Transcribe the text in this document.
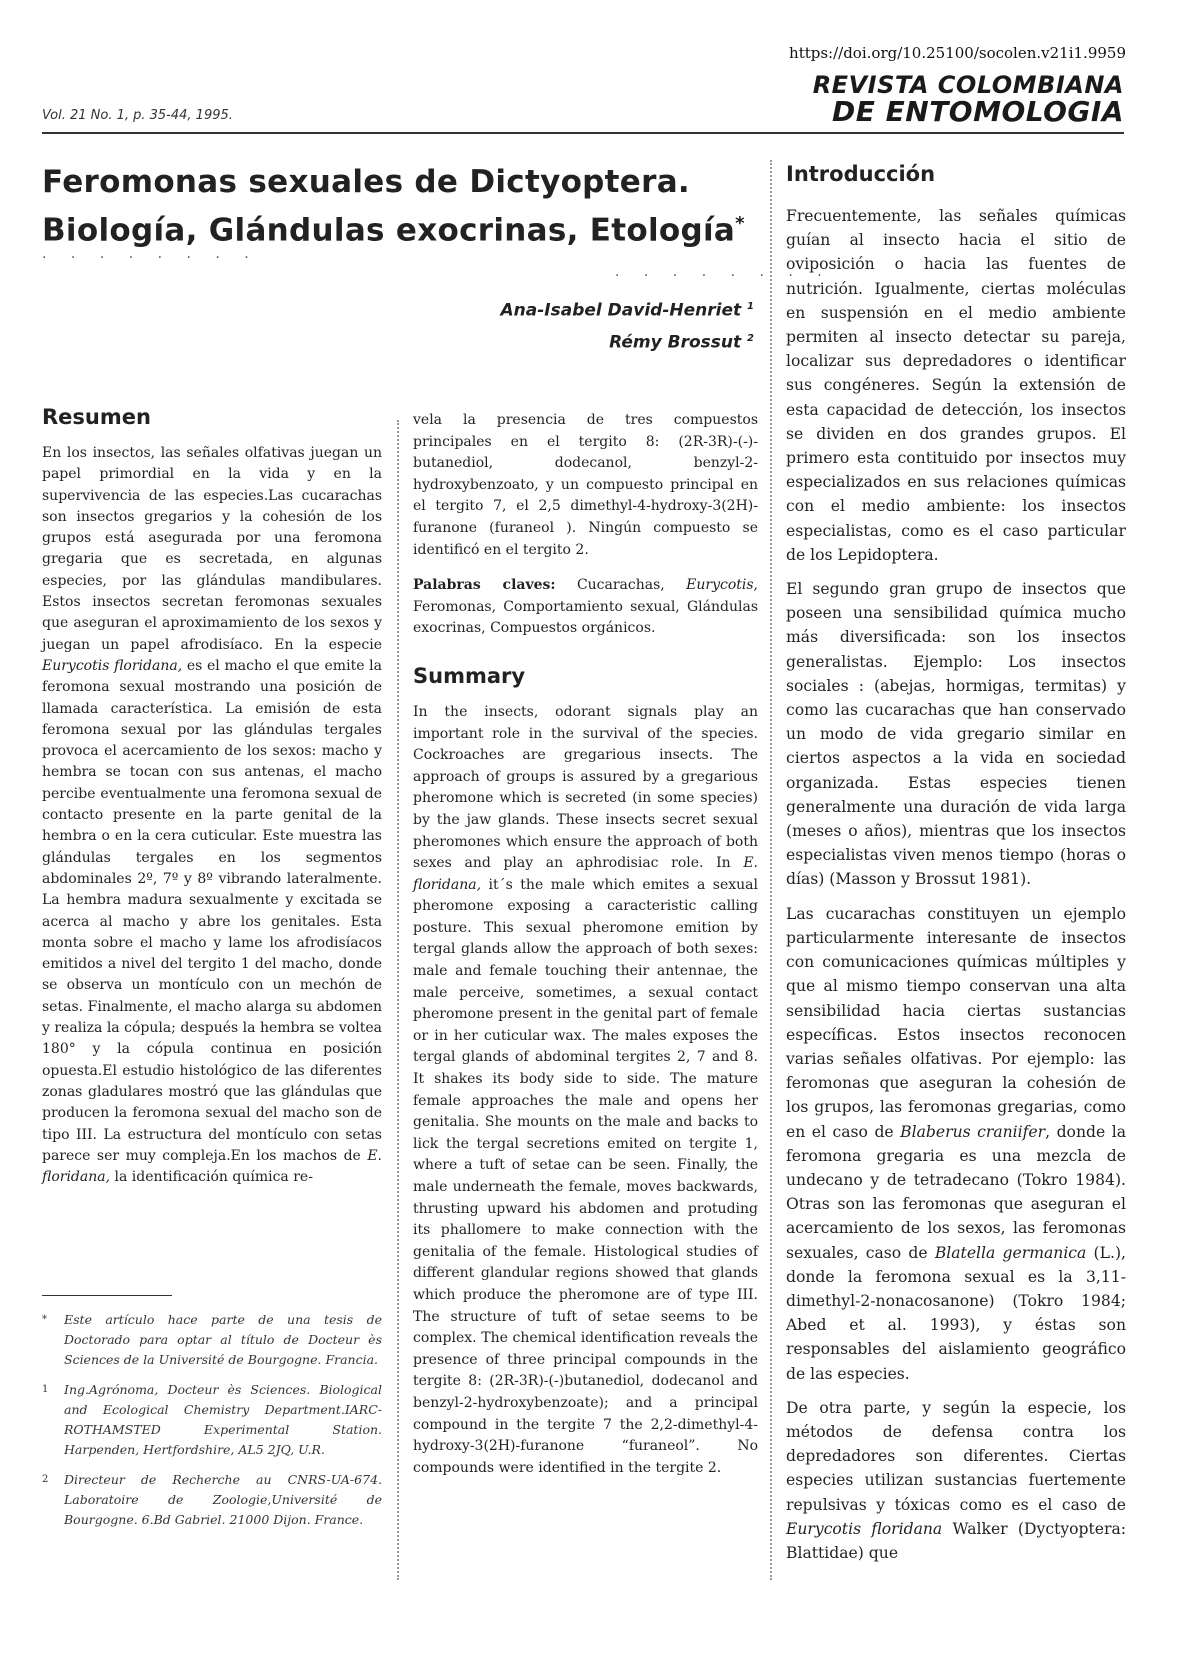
https://doi.org/10.25100/socolen.v21i1.9959
REVISTA COLOMBIANA
DE ENTOMOLOGIA
Vol. 21 No. 1, p. 35-44, 1995.
Feromonas sexuales de Dictyoptera.
Biología, Glándulas exocrinas, Etología*
· · · · · · · ·
· · · · · · · ·
Ana-Isabel David-Henriet $^1$
Rémy Brossut $^2$
Resumen

En los insectos, las señales olfativas juegan un papel primordial en la vida y en la supervivencia de las especies.Las cucarachas son insectos gregarios y la cohesión de los grupos está asegurada por una feromona gregaria que es secretada, en algunas especies, por las glándulas mandibulares. Estos insectos secretan feromonas sexuales que aseguran el aproximamiento de los sexos y juegan un papel afrodisíaco. En la especie Eurycotis floridana, es el macho el que emite la feromona sexual mostrando una posición de llamada característica. La emisión de esta feromona sexual por las glándulas tergales provoca el acercamiento de los sexos: macho y hembra se tocan con sus antenas, el macho percibe eventualmente una feromona sexual de contacto presente en la parte genital de la hembra o en la cera cuticular. Este muestra las glándulas tergales en los segmentos abdominales 2º, 7º y 8º vibrando lateralmente. La hembra madura sexualmente y excitada se acerca al macho y abre los genitales. Esta monta sobre el macho y lame los afrodisíacos emitidos a nivel del tergito 1 del macho, donde se observa un montículo con un mechón de setas. Finalmente, el macho alarga su abdomen y realiza la cópula; después la hembra se voltea 180° y la cópula continua en posición opuesta.El estudio histológico de las diferentes zonas gladulares mostró que las glándulas que producen la feromona sexual del macho son de tipo III. La estructura del montículo con setas parece ser muy compleja.En los machos de E. floridana, la identificación química re-

* Este artículo hace parte de una tesis de Doctorado para optar al título de Docteur ès Sciences de la Université de Bourgogne. Francia.
1 Ing.Agrónoma, Docteur ès Sciences. Biological and Ecological Chemistry Department.IARC-ROTHAMSTED Experimental Station. Harpenden, Hertfordshire, AL5 2JQ, U.R.
2 Directeur de Recherche au CNRS-UA-674. Laboratoire de Zoologie,Université de Bourgogne. 6.Bd Gabriel. 21000 Dijon. France.

vela la presencia de tres compuestos principales en el tergito 8: (2R-3R)-(-)-butanediol, dodecanol, benzyl-2-hydroxybenzoato, y un compuesto principal en el tergito 7, el 2,5 dimethyl-4-hydroxy-3(2H)-furanone (furaneol ). Ningún compuesto se identificó en el tergito 2.

Palabras claves: Cucarachas, Eurycotis, Feromonas, Comportamiento sexual, Glándulas exocrinas, Compuestos orgánicos.

Summary

In the insects, odorant signals play an important role in the survival of the species. Cockroaches are gregarious insects. The approach of groups is assured by a gregarious pheromone which is secreted (in some species) by the jaw glands. These insects secret sexual pheromones which ensure the approach of both sexes and play an aphrodisiac role. In E. floridana, it´s the male which emites a sexual pheromone exposing a caracteristic calling posture. This sexual pheromone emition by tergal glands allow the approach of both sexes: male and female touching their antennae, the male perceive, sometimes, a sexual contact pheromone present in the genital part of female or in her cuticular wax. The males exposes the tergal glands of abdominal tergites 2, 7 and 8. It shakes its body side to side. The mature female approaches the male and opens her genitalia. She mounts on the male and backs to lick the tergal secretions emited on tergite 1, where a tuft of setae can be seen. Finally, the male underneath the female, moves backwards, thrusting upward his abdomen and protuding its phallomere to make connection with the genitalia of the female. Histological studies of different glandular regions showed that glands which produce the pheromone are of type III. The structure of tuft of setae seems to be complex. The chemical identification reveals the presence of three principal compounds in the tergite 8: (2R-3R)-(-)butanediol, dodecanol and benzyl-2-hydroxybenzoate); and a principal compound in the tergite 7 the 2,2-dimethyl-4-hydroxy-3(2H)-furanone “furaneol”. No compounds were identified in the tergite 2.

Introducción

Frecuentemente, las señales químicas guían al insecto hacia el sitio de oviposición o hacia las fuentes de nutrición. Igualmente, ciertas moléculas en suspensión en el medio ambiente permiten al insecto detectar su pareja, localizar sus depredadores o identificar sus congéneres. Según la extensión de esta capacidad de detección, los insectos se dividen en dos grandes grupos. El primero esta contituido por insectos muy especializados en sus relaciones químicas con el medio ambiente: los insectos especialistas, como es el caso particular de los Lepidoptera.

El segundo gran grupo de insectos que poseen una sensibilidad química mucho más diversificada: son los insectos generalistas. Ejemplo: Los insectos sociales : (abejas, hormigas, termitas) y como las cucarachas que han conservado un modo de vida gregario similar en ciertos aspectos a la vida en sociedad organizada. Estas especies tienen generalmente una duración de vida larga (meses o años), mientras que los insectos especialistas viven menos tiempo (horas o días) (Masson y Brossut 1981).

Las cucarachas constituyen un ejemplo particularmente interesante de insectos con comunicaciones químicas múltiples y que al mismo tiempo conservan una alta sensibilidad hacia ciertas sustancias específicas. Estos insectos reconocen varias señales olfativas. Por ejemplo: las feromonas que aseguran la cohesión de los grupos, las feromonas gregarias, como en el caso de Blaberus craniifer, donde la feromona gregaria es una mezcla de undecano y de tetradecano (Tokro 1984). Otras son las feromonas que aseguran el acercamiento de los sexos, las feromonas sexuales, caso de Blatella germanica (L.), donde la feromona sexual es la 3,11-dimethyl-2-nonacosanone) (Tokro 1984; Abed et al. 1993), y éstas son responsables del aislamiento geográfico de las especies.

De otra parte, y según la especie, los métodos de defensa contra los depredadores son diferentes. Ciertas especies utilizan sustancias fuertemente repulsivas y tóxicas como es el caso de Eurycotis floridana Walker (Dyctyoptera: Blattidae) que
